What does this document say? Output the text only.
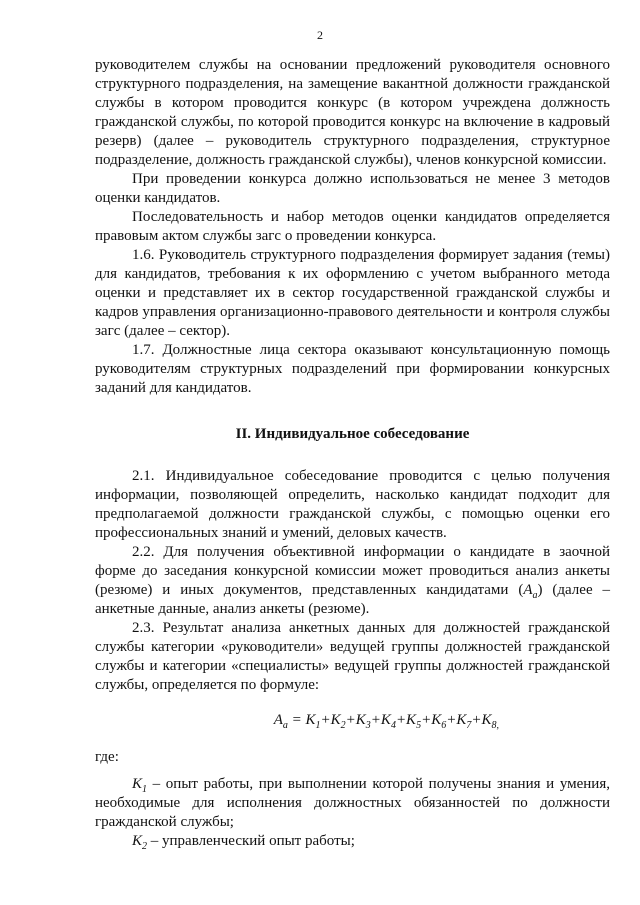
2

руководителем службы на основании предложений руководителя основного структурного подразделения, на замещение вакантной должности гражданской службы в котором проводится конкурс (в котором учреждена должность гражданской службы, по которой проводится конкурс на включение в кадровый резерв) (далее – руководитель структурного подразделения, структурное подразделение, должность гражданской службы), членов конкурсной комиссии.

При проведении конкурса должно использоваться не менее 3 методов оценки кандидатов.

Последовательность и набор методов оценки кандидатов определяется правовым актом службы загс о проведении конкурса.

1.6. Руководитель структурного подразделения формирует задания (темы) для кандидатов, требования к их оформлению с учетом выбранного метода оценки и представляет их в сектор государственной гражданской службы и кадров управления организационно-правового деятельности и контроля службы загс (далее – сектор).

1.7. Должностные лица сектора оказывают консультационную помощь руководителям структурных подразделений при формировании конкурсных заданий для кандидатов.

II. Индивидуальное собеседование

2.1. Индивидуальное собеседование проводится с целью получения информации, позволяющей определить, насколько кандидат подходит для предполагаемой должности гражданской службы, с помощью оценки его профессиональных знаний и умений, деловых качеств.

2.2. Для получения объективной информации о кандидате в заочной форме до заседания конкурсной комиссии может проводиться анализ анкеты (резюме) и иных документов, представленных кандидатами $(A_a)$ (далее – анкетные данные, анализ анкеты (резюме).

2.3. Результат анализа анкетных данных для должностей гражданской службы категории «руководители» ведущей группы должностей гражданской службы и категории «специалисты» ведущей группы должностей гражданской службы, определяется по формуле:

$A_a = K_1+K_2+K_3+K_4+K_5+K_6+K_7+K_{8,}$

где:

$K_1$ – опыт работы, при выполнении которой получены знания и умения, необходимые для исполнения должностных обязанностей по должности гражданской службы;

$K_2$ – управленческий опыт работы;
